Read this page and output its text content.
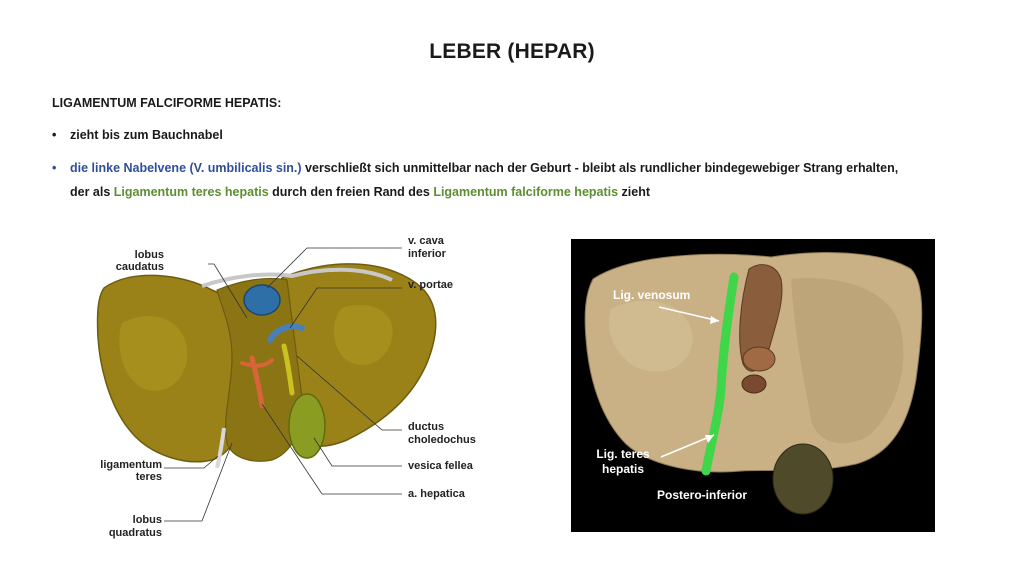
LEBER (HEPAR)
LIGAMENTUM FALCIFORME HEPATIS:
• zieht bis zum Bauchnabel
• die linke Nabelvene (V. umbilicalis sin.) verschließt sich unmittelbar nach der Geburt - bleibt als rundlicher bindegewebiger Strang erhalten,
der als Ligamentum teres hepatis durch den freien Rand des Ligamentum falciforme hepatis zieht
lobus
caudatus
v. cava
inferior
v. portae
ductus
choledochus
vesica fellea
a. hepatica
ligamentum
teres
lobus
quadratus
Lig. venosum
Lig. teres
hepatis
Postero-inferior
